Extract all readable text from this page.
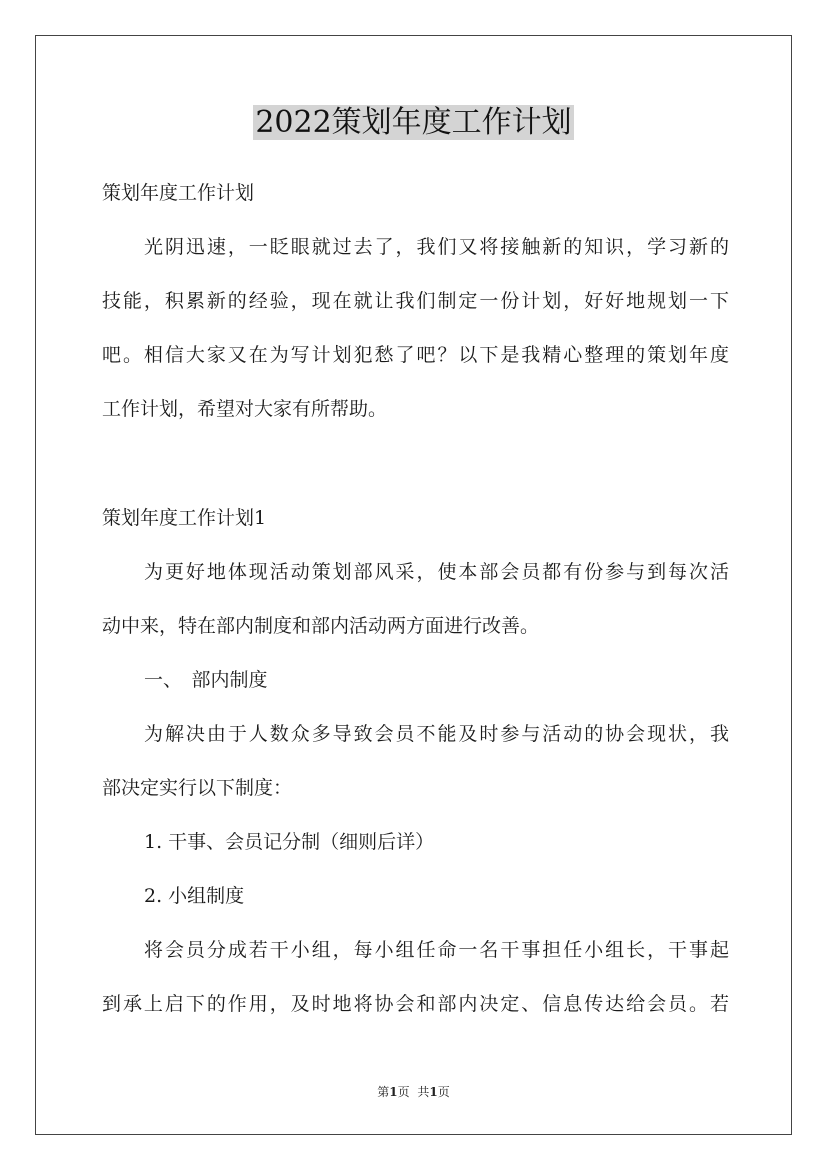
2022策划年度工作计划

策划年度工作计划

光阴迅速，一眨眼就过去了，我们又将接触新的知识，学习新的

技能，积累新的经验，现在就让我们制定一份计划，好好地规划一下

吧。相信大家又在为写计划犯愁了吧？以下是我精心整理的策划年度

工作计划，希望对大家有所帮助。

策划年度工作计划1

为更好地体现活动策划部风采，使本部会员都有份参与到每次活

动中来，特在部内制度和部内活动两方面进行改善。

一、　部内制度

为解决由于人数众多导致会员不能及时参与活动的协会现状，我

部决定实行以下制度：

1. 干事、会员记分制（细则后详）

2. 小组制度

将会员分成若干小组，每小组任命一名干事担任小组长，干事起

到承上启下的作用，及时地将协会和部内决定、信息传达给会员。若

第1页 共1页
